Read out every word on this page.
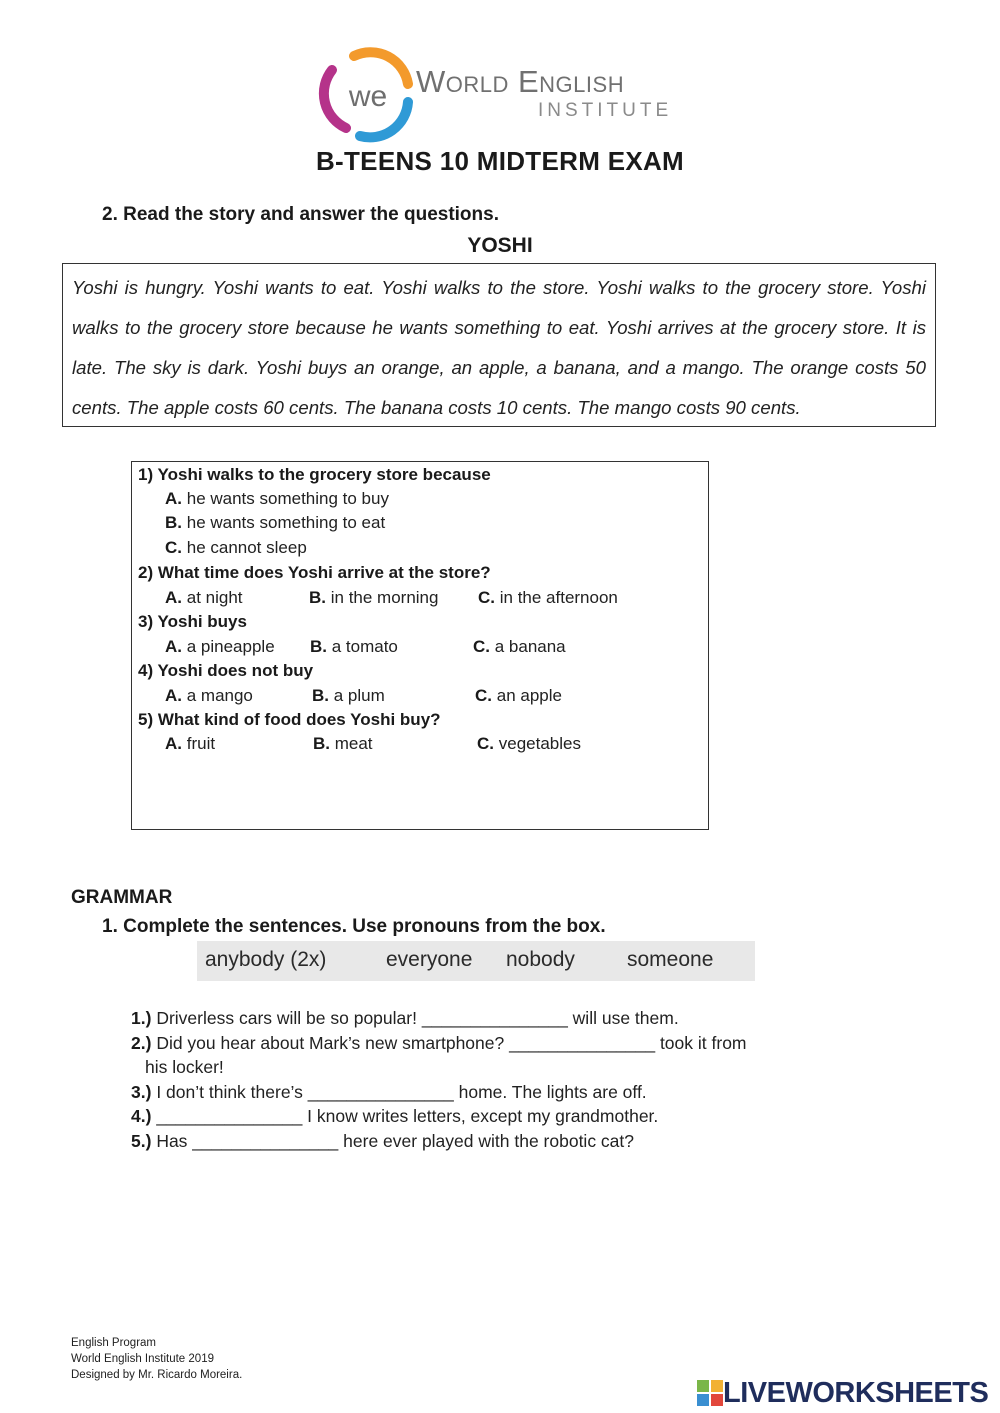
we World English
INSTITUTE
B-TEENS 10 MIDTERM EXAM
2. Read the story and answer the questions.
YOSHI

Yoshi is hungry. Yoshi wants to eat. Yoshi walks to the store. Yoshi walks to the grocery store. Yoshi walks to the grocery store because he wants something to eat. Yoshi arrives at the grocery store. It is late. The sky is dark. Yoshi buys an orange, an apple, a banana, and a mango. The orange costs 50 cents. The apple costs 60 cents. The banana costs 10 cents. The mango costs 90 cents.

1) Yoshi walks to the grocery store because
A. he wants something to buy
B. he wants something to eat
C. he cannot sleep
2) What time does Yoshi arrive at the store?
A. at night	B. in the morning C. in the afternoon
3) Yoshi buys
A. a pineapple B. a tomato	C. a banana
4) Yoshi does not buy
A. a mango	B. a plum	C. an apple
5) What kind of food does Yoshi buy?
A. fruit	B. meat	C. vegetables
GRAMMAR
1. Complete the sentences. Use pronouns from the box.
anybody (2x)	everyone nobody someone
1.) Driverless cars will be so popular! _______________ will use them.
2.) Did you hear about Mark’s new smartphone? _______________ took it from
his locker!
3.) I don’t think there’s _______________ home. The lights are off.
4.) _______________ I know writes letters, except my grandmother.
5.) Has _______________ here ever played with the robotic cat?
English Program
World English Institute 2019
Designed by Mr. Ricardo Moreira.
LIVEWORKSHEETS
